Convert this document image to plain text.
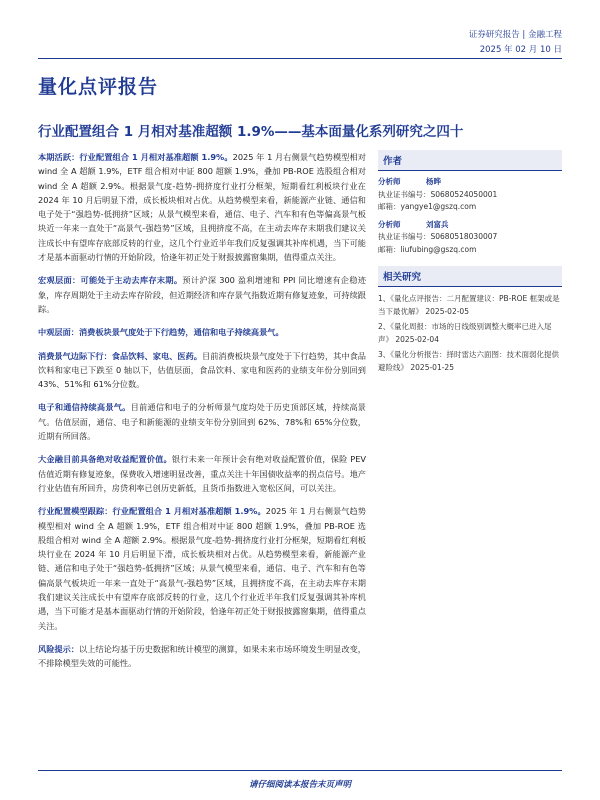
证券研究报告 | 金融工程
2025 年 02 月 10 日
量化点评报告
行业配置组合 1 月相对基准超额 1.9%——基本面量化系列研究之四十
本期活跃：行业配置组合 1 月相对基准超额 1.9%。2025 年 1 月右侧景气趋势模型相对 wind 全 A 超额 1.9%，ETF 组合相对中证 800 超额 1.9%，叠加 PB-ROE 选股组合相对 wind 全 A 超额 2.9%。根据景气度-趋势-拥挤度行业打分框架，短期看红利板块行业在 2024 年 10 月后明显下滑，成长板块相对占优。从趋势模型来看，新能源产业链、通信和电子处于“强趋势-低拥挤”区域；从景气模型来看，通信、电子、汽车和有色等偏高景气板块近一年来一直处于“高景气-强趋势”区域，且拥挤度不高，在主动去库存末期我们建议关注成长中有望库存底部反转的行业，这几个行业近半年我们反复强调其补库机遇，当下可能才是基本面驱动行情的开始阶段，恰逢年初正处于财报披露窗集期，值得重点关注。
宏观层面：可能处于主动去库存末期。预计沪深 300 盈利增速和 PPI 同比增速有企稳迹象，库存周期处于主动去库存阶段，但近期经济和库存景气指数近期有修复迹象，可持续跟踪。
中观层面：消费板块景气度处于下行趋势，通信和电子持续高景气。
消费景气边际下行：食品饮料、家电、医药。目前消费板块景气度处于下行趋势，其中食品饮料和家电已下跌至 0 轴以下，估值层面，食品饮料、家电和医药的业绩支年份分别回到 43%、51%和 61%分位数。
电子和通信持续高景气。目前通信和电子的分析师景气度均处于历史顶部区域，持续高景气。估值层面，通信、电子和新能源的业绩支年份分别回到 62%、78%和 65%分位数，近期有所回落。
大金融目前具备绝对收益配置价值。银行未来一年预计会有绝对收益配置价值，保险 PEV 估值近期有修复迹象，保费收入增速明显改善，重点关注十年国债收益率的拐点信号。地产行业估值有所回升，房贷利率已创历史新低，且货币指数进入宽松区间，可以关注。
行业配置模型跟踪：行业配置组合 1 月相对基准超额 1.9%。2025 年 1 月右侧景气趋势模型相对 wind 全 A 超额 1.9%，ETF 组合相对中证 800 超额 1.9%，叠加 PB-ROE 选股组合相对 wind 全 A 超额 2.9%。根据景气度-趋势-拥挤度行业打分框架，短期看红利板块行业在 2024 年 10 月后明显下滑，成长板块相对占优。从趋势模型来看，新能源产业链、通信和电子处于“强趋势-低拥挤”区域；从景气模型来看，通信、电子、汽车和有色等偏高景气板块近一年来一直处于“高景气-强趋势”区域，且拥挤度不高，在主动去库存末期我们建议关注成长中有望库存底部反转的行业，这几个行业近半年我们反复强调其补库机遇，当下可能才是基本面驱动行情的开始阶段，恰逢年初正处于财报披露窗集期，值得重点关注。
风险提示：以上结论均基于历史数据和统计模型的测算，如果未来市场环境发生明显改变，不排除模型失效的可能性。
作者
分析师	杨晔
执业证书编号：S0680524050001
邮箱：yangye1@gszq.com
分析师	刘富兵
执业证书编号：S0680518030007
邮箱：liufubing@gszq.com
相关研究
1、《量化点评报告：二月配置建议：PB-ROE 框架或是当下最优解》 2025-02-05
2、《量化周报：市场的日线级别调整大概率已进入尾声》 2025-02-04
3、《量化分析报告：择时雷达六面图：技术面弱化提供避险线》 2025-01-25
请仔细阅读本报告末页声明
